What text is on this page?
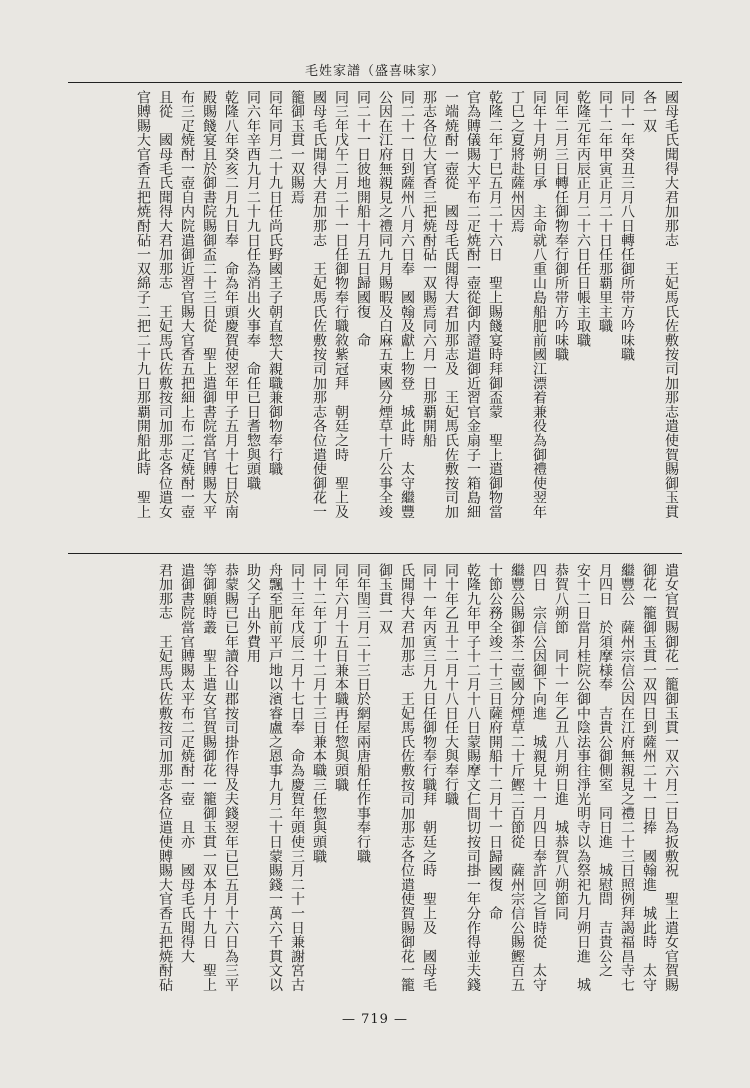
毛姓家譜（盛喜味家）
國母毛氏聞得大君加那志　王妃馬氏佐敷按司加那志遣使賀賜御玉貫
各一双
同十一年癸丑三月八日轉任御所帯方吟味職
同十二年甲寅正月二十日任那覇里主職
乾隆元年丙辰正月二十六日任日帳主取職
同年二月三日轉任御物奉行御所帯方吟味職
同年十月朔日承　主命就八重山島船肥前國江漂着兼役為御禮使翌年
丁巳之夏將赴薩州因焉
乾隆二年丁巳五月二十六日　聖上賜餞宴時拜御盃蒙　聖上遣御物當
官為賻儀賜大平布二疋焼酎一壺從御内證遣御近習官金扇子一箱島細
一端焼酎一壺從　國母毛氏聞得大君加那志及　王妃馬氏佐敷按司加
那志各位大官香三把焼酎砧一双賜焉同六月一日那覇開船
同二十一日到薩州八月六日奉　國翰及獻上物登　城此時　太守繼豐
公因在江府無親見之禮同九月賜暇及白麻五束國分煙草十斤公事全竣
同二十一日彼地開船十月五日歸國復　命
同三年戊午二月二十一日任御物奉行職敘紫冠拜　朝廷之時　聖上及
國母毛氏聞得大君加那志　王妃馬氏佐敷按司加那志各位遣使御花一
籠御玉貫一双賜焉
同年同月二十九日任尚氏野國王子朝直惣大親職兼御物奉行職
同六年辛酉九月二十九日任為消出火事奉　命任已日耆惣與頭職
乾隆八年癸亥二月九日奉　命為年頭慶賀使翌年甲子五月十七日於南
殿賜餞宴且於御書院賜御盃二十三日從　聖上遣御書院當官賻賜大平
布三疋焼酎一壺自内院遣御近習官賜大官香五把細上布二疋焼酎一壺
且從　國母毛氏聞得大君加那志　王妃馬氏佐敷按司加那志各位遣女
官賻賜大官香五把焼酎砧一双綿子二把二十九日那覇開船此時　聖上
遣女官賀賜御花一籠御玉貫一双六月二日為扳敷祝　聖上遣女官賀賜
御花一籠御玉貫一双四日到薩州二十一日捧　國翰進　城此時　太守
繼豐公　薩州宗信公因在江府無親見之禮二十三日照例拜謁福昌寺七
月四日　於須摩様奉　吉貴公御側室　同日進　城慰問　吉貴公之
安十二日當月桂院公御中陰法事往淨光明寺以為祭祀九月朔日進　城
恭賀八朔節　同十一年乙丑八月朔日進　城恭賀八朔節同
四日　宗信公因御下向進　城親見十一月四日奉許回之旨時從　太守
繼豐公賜御茶二壺國分煙草二十斤鰹二百節從　薩州宗信公賜鰹百五
十節公務全竣二十三日薩府開船十二月十一日歸國復　命
乾隆九年甲子十二月十八日蒙賜摩文仁間切按司掛一年分作得並夫錢
同十年乙丑十二月十八日任大與奉行職
同十一年丙寅三月九日任御物奉行職拜　朝廷之時　聖上及　國母毛
氏聞得大君加那志　王妃馬氏佐敷按司加那志各位遣使賀賜御花一籠
御玉貫一双
同年閏三月二十三日於網屋兩唐船任作事奉行職
同年六月十五日兼本職再任惣與頭職
同十二年丁卯十二月十三日兼本職三任惣與頭職
同十三年戊辰二月十七日奉　命為慶賀年頭使三月二十一日兼謝宮古
舟飄至肥前平戸地以濱睿盧之恩事九月二十日蒙賜錢一萬六千貫文以
助父子出外費用
恭蒙賜已已年讀谷山郡按司掛作得及夫錢翌年已巳五月十六日為三平
等御願時叢　聖上遣女官賀賜御花一籠御玉貫一双本月十九日　聖上
遣御書院當官賻賜太平布二疋焼酎一壺　且亦　國母毛氏聞得大
君加那志　王妃馬氏佐敷按司加那志各位遣使賻賜大官香五把焼酎砧
— 719 —
